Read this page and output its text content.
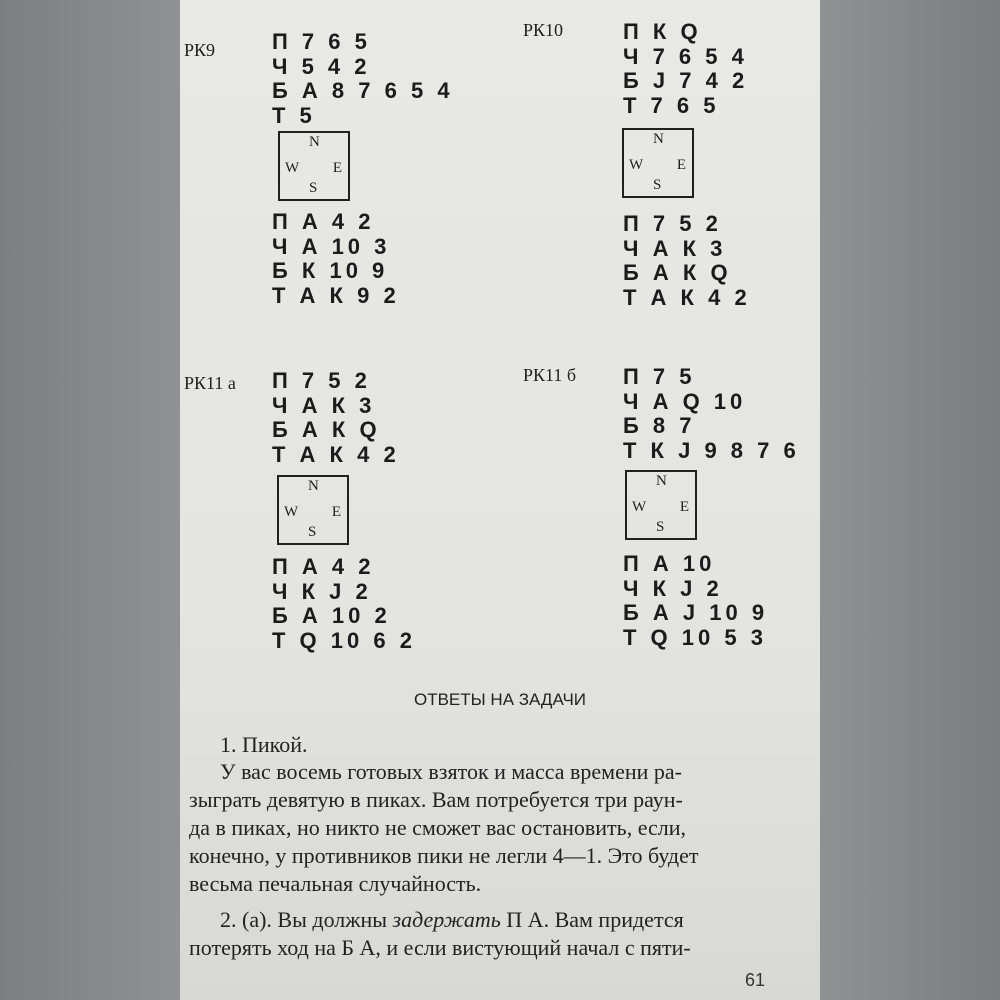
РК9	П 7 6 5
Ч 5 4 2
Б А 8 7 6 5 4
Т 5
N
W E
S
П А 4 2
Ч А 10 3
Б К 10 9
Т А К 9 2
РК10	П К Q
Ч 7 6 5 4
Б J 7 4 2
Т 7 6 5
N
W E
S
П 7 5 2
Ч А К 3
Б А К Q
Т А К 4 2
РК11 а П 7 5 2
Ч А К 3
Б А К Q
Т А К 4 2
N
W E
S
П А 4 2
Ч К J 2
Б А 10 2
Т Q 10 6 2
РК11 б П 7 5
Ч А Q 10
Б 8 7
Т К J 9 8 7 6
N
W E
S
П А 10
Ч К J 2
Б А J 10 9
Т Q 10 5 3
ОТВЕТЫ НА ЗАДАЧИ
1. Пикой.
У вас восемь готовых взяток и масса времени ра-
зыграть девятую в пиках. Вам потребуется три раун-
да в пиках, но никто не сможет вас остановить, если,
конечно, у противников пики не легли 4—1. Это будет
весьма печальная случайность.
2. (а). Вы должны задержать П А. Вам придется
потерять ход на Б А, и если вистующий начал с пяти-
61
